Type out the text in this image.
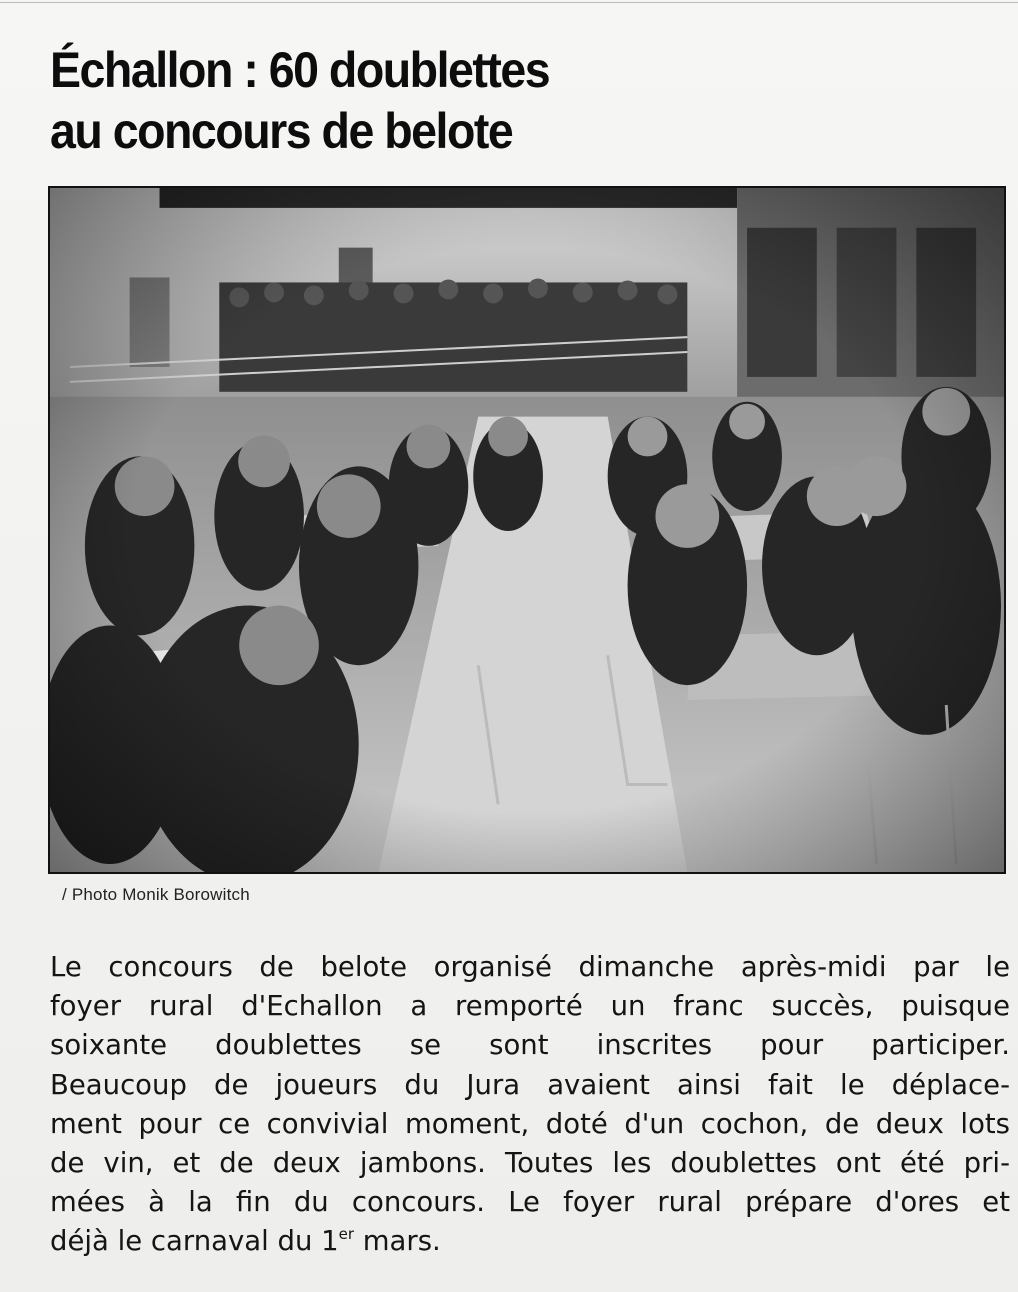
Échallon : 60 doublettes
au concours de belote
/ Photo Monik Borowitch

Le concours de belote organisé dimanche après-midi par le
foyer rural d'Echallon a remporté un franc succès, puisque
soixante doublettes se sont inscrites pour participer.
Beaucoup de joueurs du Jura avaient ainsi fait le déplace-
ment pour ce convivial moment, doté d'un cochon, de deux lots
de vin, et de deux jambons. Toutes les doublettes ont été pri-
mées à la fin du concours. Le foyer rural prépare d'ores et
déjà le carnaval du 1er mars.
